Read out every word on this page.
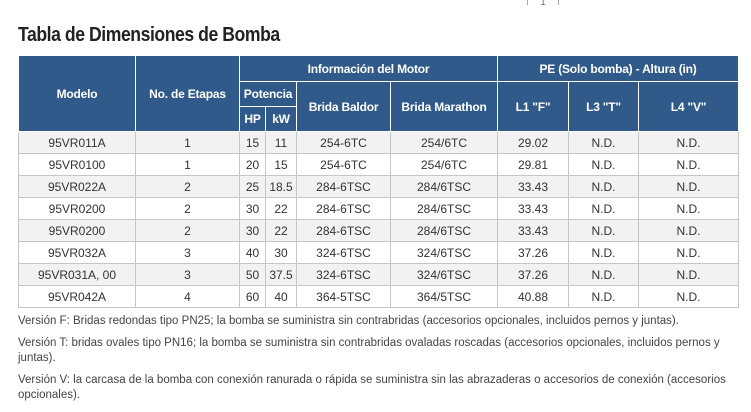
1
Tabla de Dimensiones de Bomba
Modelo	No. de Etapas	Información del Motor				PE (Solo bomba) - Altura (in)		
		Potencia		Brida Baldor	Brida Marathon	L1 "F"	L3 "T"	L4 "V"
		HP	kW					
95VR011A	1	15	11	254-6TC	254/6TC	29.02	N.D.	N.D.
95VR0100	1	20	15	254-6TC	254/6TC	29.81	N.D.	N.D.
95VR022A	2	25	18.5	284-6TSC	284/6TSC	33.43	N.D.	N.D.
95VR0200	2	30	22	284-6TSC	284/6TSC	33.43	N.D.	N.D.
95VR0200	2	30	22	284-6TSC	284/6TSC	33.43	N.D.	N.D.
95VR032A	3	40	30	324-6TSC	324/6TSC	37.26	N.D.	N.D.
95VR031A, 00	3	50	37.5	324-6TSC	324/6TSC	37.26	N.D.	N.D.
95VR042A	4	60	40	364-5TSC	364/5TSC	40.88	N.D.	N.D.

Versión F: Bridas redondas tipo PN25; la bomba se suministra sin contrabridas (accesorios opcionales, incluidos pernos y juntas).

Versión T: bridas ovales tipo PN16; la bomba se suministra sin contrabridas ovaladas roscadas (accesorios opcionales, incluidos pernos y juntas).

Versión V: la carcasa de la bomba con conexión ranurada o rápida se suministra sin las abrazaderas o accesorios de conexión (accesorios opcionales).
